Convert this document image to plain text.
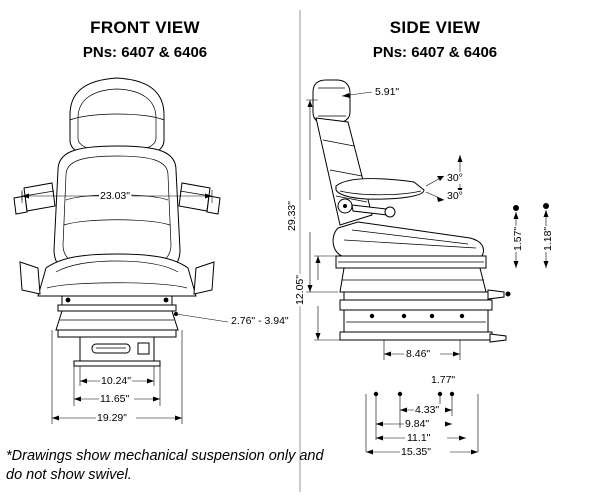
FRONT VIEW
PNs: 6407 & 6406
SIDE VIEW
PNs: 6407 & 6406
23.03"
2.76" - 3.94"
10.24"
11.65"
19.29"
5.91"
30°
30°
29.33"
12.05"
1.57" 1.18"
8.46"
1.77"
4.33"
9.84"
11.1"
15.35"
*Drawings show mechanical suspension only and do not show swivel.
